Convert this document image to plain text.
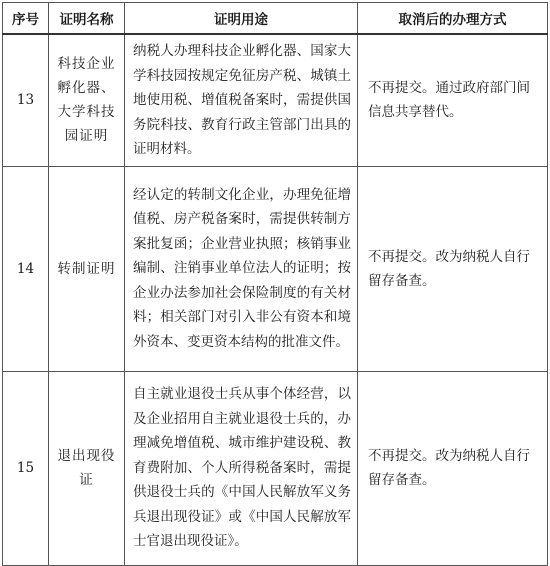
序号	证明名称	证明用途	取消后的办理方式
13	科技企业孵化器、大学科技园证明	纳税人办理科技企业孵化器、国家大学科技园按规定免征房产税、城镇土地使用税、增值税备案时，需提供国务院科技、教育行政主管部门出具的证明材料。	不再提交。通过政府部门间信息共享替代。
14	转制证明	经认定的转制文化企业，办理免征增值税、房产税备案时，需提供转制方案批复函；企业营业执照；核销事业编制、注销事业单位法人的证明；按企业办法参加社会保险制度的有关材料；相关部门对引入非公有资本和境外资本、变更资本结构的批准文件。	不再提交。改为纳税人自行留存备查。
15	退出现役证	自主就业退役士兵从事个体经营，以及企业招用自主就业退役士兵的，办理减免增值税、城市维护建设税、教育费附加、个人所得税备案时，需提供退役士兵的《中国人民解放军义务兵退出现役证》或《中国人民解放军士官退出现役证》。	不再提交。改为纳税人自行留存备查。
